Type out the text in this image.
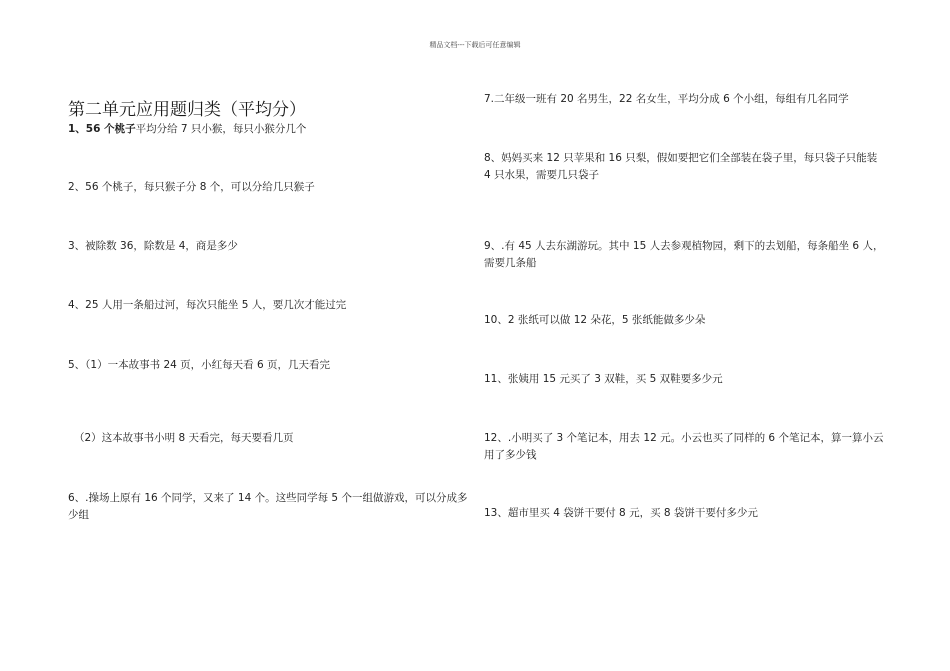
精品文档---下载后可任意编辑
第二单元应用题归类（平均分）
1、56 个桃子平均分给 7 只小猴，每只小猴分几个
2、56 个桃子，每只猴子分 8 个，可以分给几只猴子
3、被除数 36，除数是 4，商是多少
4、25 人用一条船过河，每次只能坐 5 人，要几次才能过完
5、（1）一本故事书 24 页，小红每天看 6 页，几天看完
（2）这本故事书小明 8 天看完，每天要看几页
6、.操场上原有 16 个同学，又来了 14 个。这些同学每 5 个一组做游戏，可以分成多少组
7.二年级一班有 20 名男生，22 名女生，平均分成 6 个小组，每组有几名同学
8、妈妈买来 12 只苹果和 16 只梨，假如要把它们全部装在袋子里，每只袋子只能装 4 只水果，需要几只袋子
9、.有 45 人去东湖游玩。其中 15 人去参观植物园，剩下的去划船，每条船坐 6 人，需要几条船
10、2 张纸可以做 12 朵花，5 张纸能做多少朵
11、张姨用 15 元买了 3 双鞋，买 5 双鞋要多少元
12、.小明买了 3 个笔记本，用去 12 元。小云也买了同样的 6 个笔记本，算一算小云用了多少钱
13、超市里买 4 袋饼干要付 8 元，买 8 袋饼干要付多少元
